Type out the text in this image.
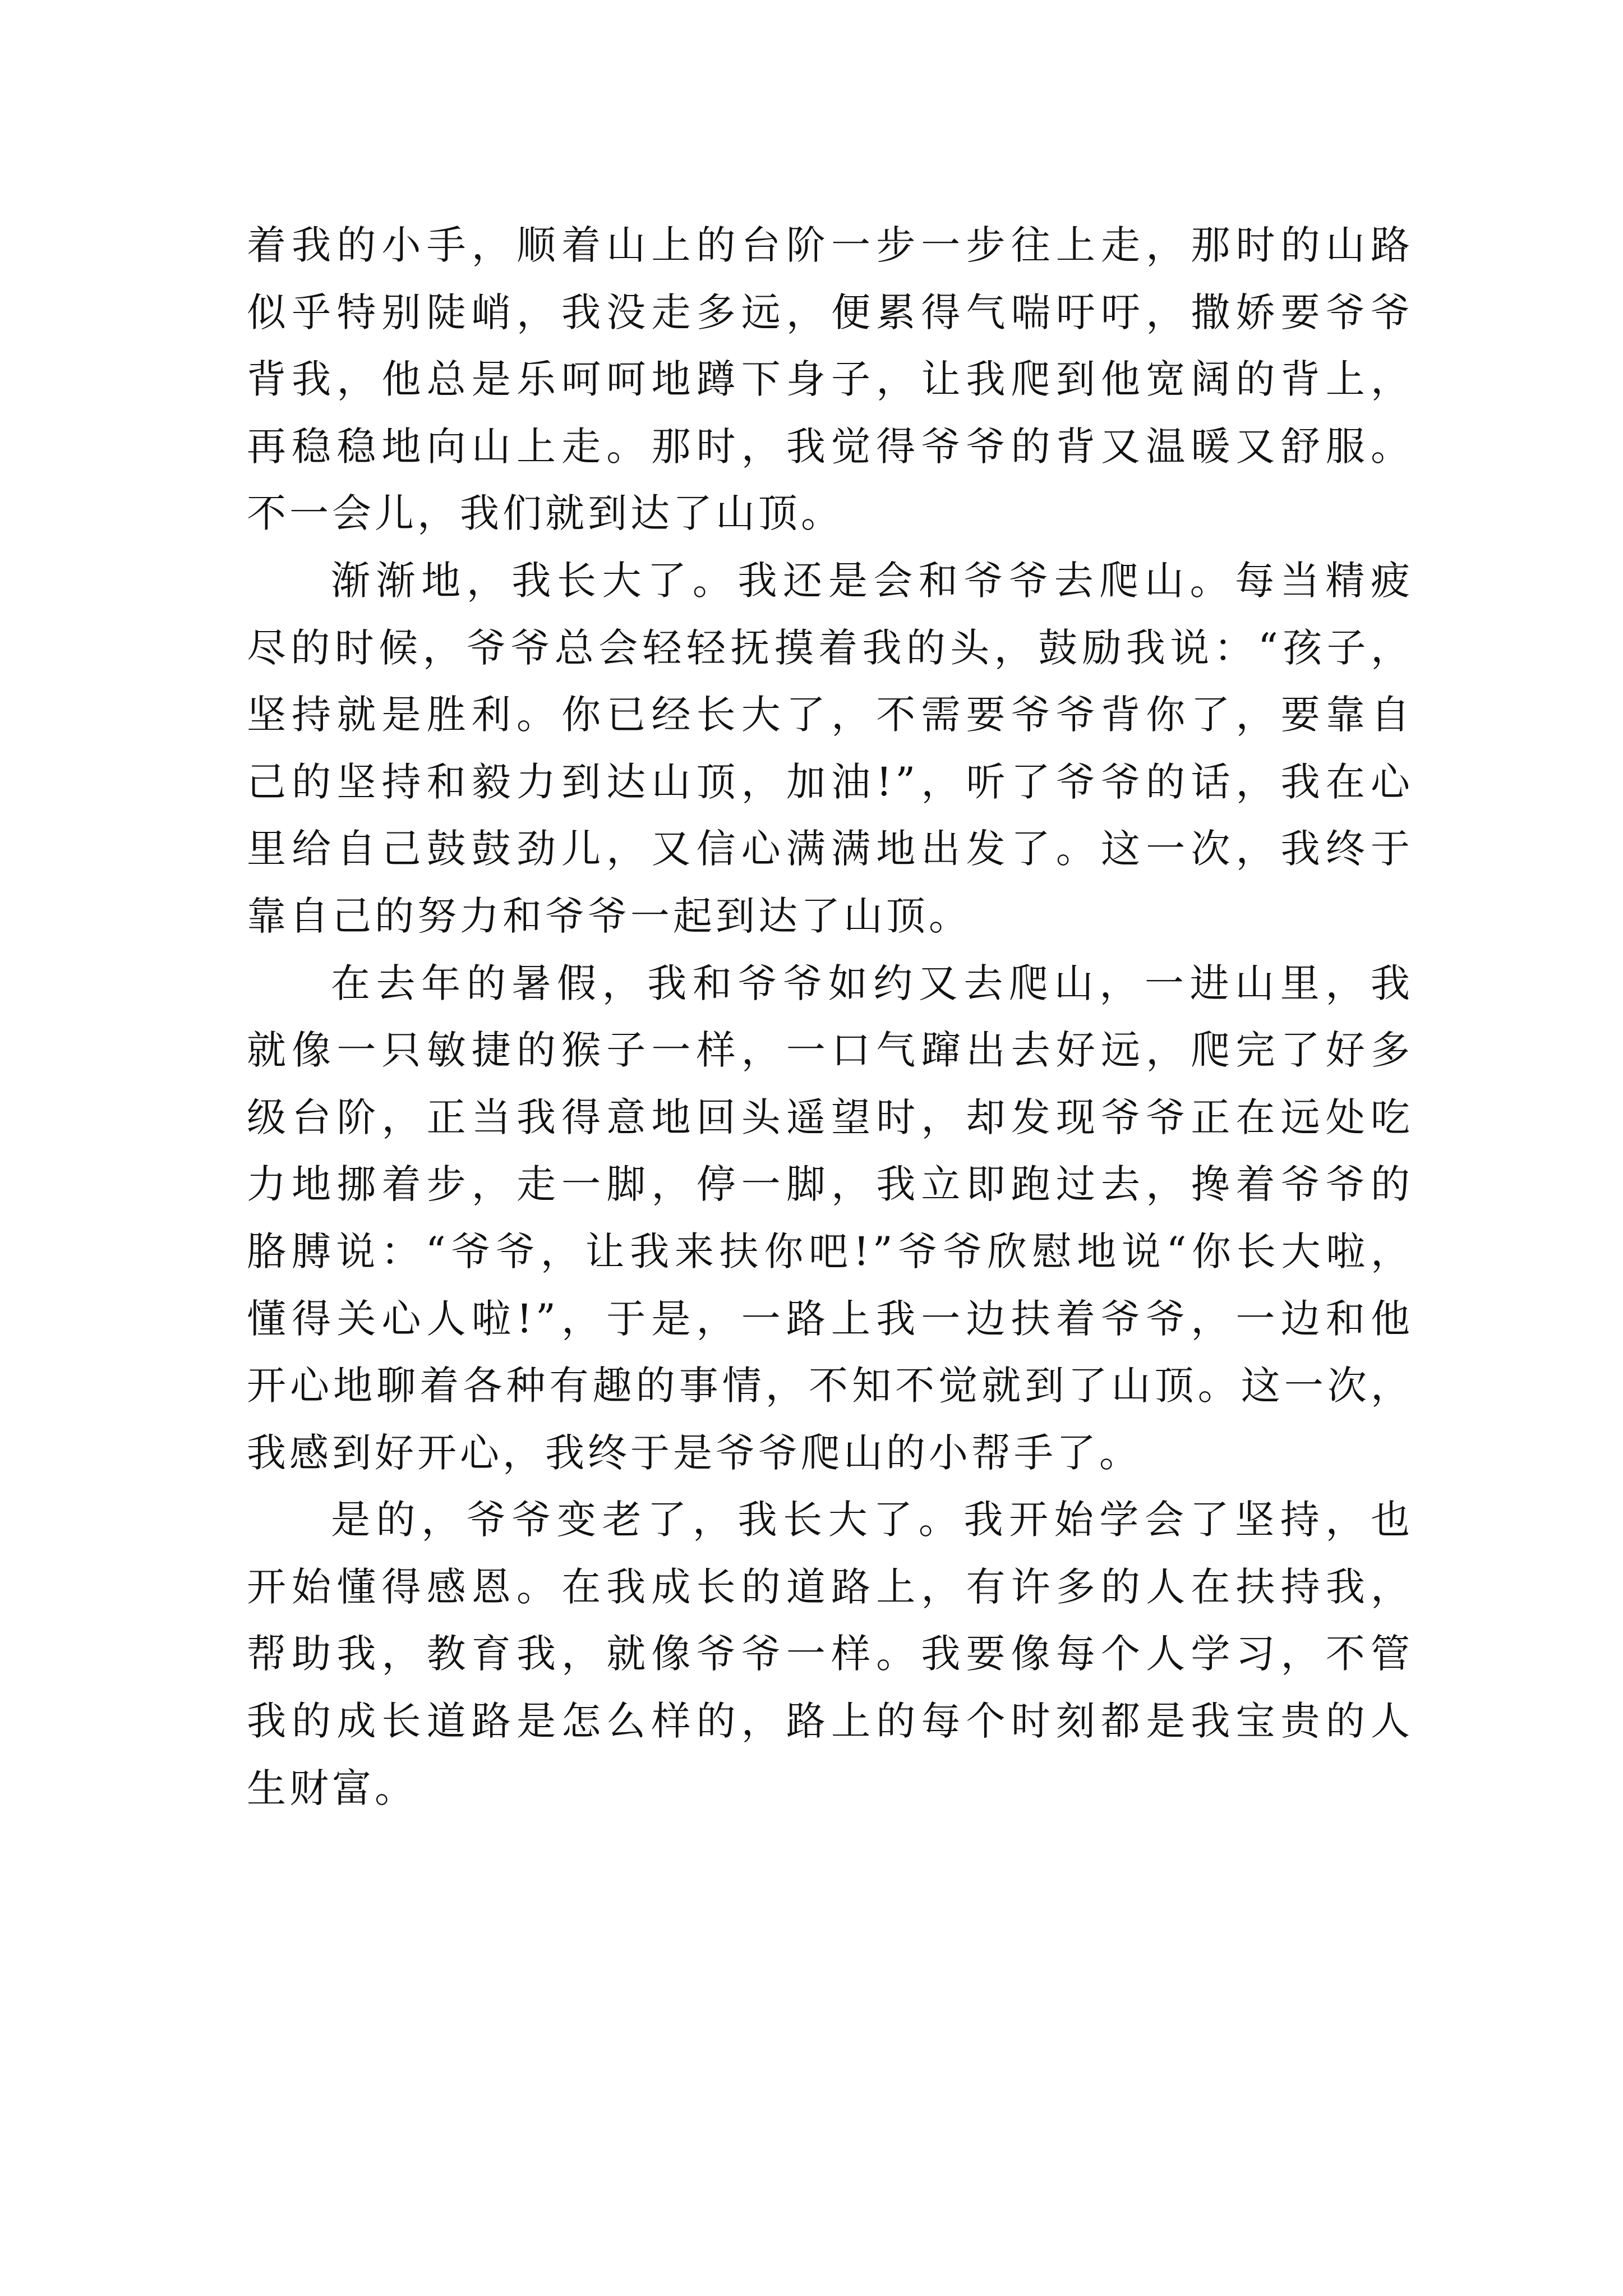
着我的小手，顺着山上的台阶一步一步往上走，那时的山路
似乎特别陡峭，我没走多远，便累得气喘吁吁，撒娇要爷爷
背我，他总是乐呵呵地蹲下身子，让我爬到他宽阔的背上，
再稳稳地向山上走。那时，我觉得爷爷的背又温暖又舒服。
不一会儿，我们就到达了山顶。
渐渐地，我长大了。我还是会和爷爷去爬山。每当精疲
尽的时候，爷爷总会轻轻抚摸着我的头，鼓励我说：“孩子，
坚持就是胜利。你已经长大了，不需要爷爷背你了，要靠自
己的坚持和毅力到达山顶，加油!”，听了爷爷的话，我在心
里给自己鼓鼓劲儿，又信心满满地出发了。这一次，我终于
靠自己的努力和爷爷一起到达了山顶。
在去年的暑假，我和爷爷如约又去爬山，一进山里，我
就像一只敏捷的猴子一样，一口气蹿出去好远，爬完了好多
级台阶，正当我得意地回头遥望时，却发现爷爷正在远处吃
力地挪着步，走一脚，停一脚，我立即跑过去，搀着爷爷的
胳膊说：“爷爷，让我来扶你吧!”爷爷欣慰地说“你长大啦，
懂得关心人啦!”，于是，一路上我一边扶着爷爷，一边和他
开心地聊着各种有趣的事情，不知不觉就到了山顶。这一次，
我感到好开心，我终于是爷爷爬山的小帮手了。
是的，爷爷变老了，我长大了。我开始学会了坚持，也
开始懂得感恩。在我成长的道路上，有许多的人在扶持我，
帮助我，教育我，就像爷爷一样。我要像每个人学习，不管
我的成长道路是怎么样的，路上的每个时刻都是我宝贵的人
生财富。
